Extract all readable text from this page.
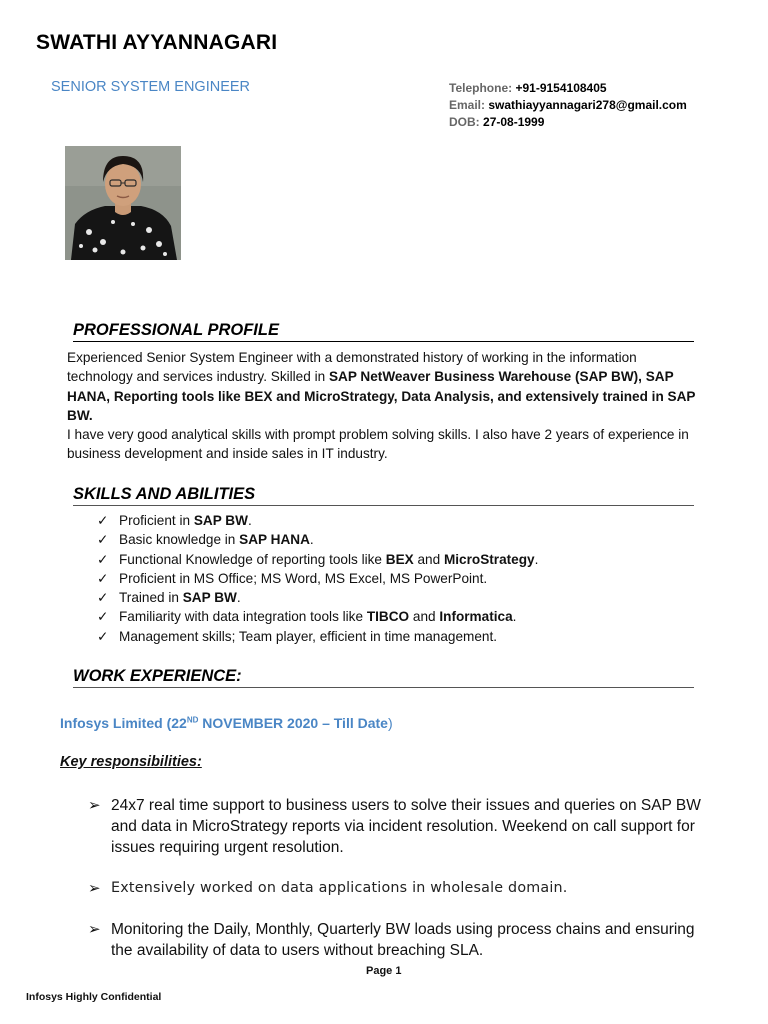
SWATHI AYYANNAGARI
SENIOR SYSTEM ENGINEER	Telephone: +91-9154108405
Email: swathiayyannagari278@gmail.com
DOB: 27-08-1999
PROFESSIONAL PROFILE
Experienced Senior System Engineer with a demonstrated history of working in the information technology and services industry. Skilled in SAP NetWeaver Business Warehouse (SAP BW), SAP HANA, Reporting tools like BEX and MicroStrategy, Data Analysis, and extensively trained in SAP BW.
I have very good analytical skills with prompt problem solving skills. I also have 2 years of experience in business development and inside sales in IT industry.
SKILLS AND ABILITIES
✓ Proficient in SAP BW.
✓ Basic knowledge in SAP HANA.
✓ Functional Knowledge of reporting tools like BEX and MicroStrategy.
✓ Proficient in MS Office; MS Word, MS Excel, MS PowerPoint.
✓ Trained in SAP BW.
✓ Familiarity with data integration tools like TIBCO and Informatica.
✓ Management skills; Team player, efficient in time management.
WORK EXPERIENCE:
Infosys Limited (22ND NOVEMBER 2020 – Till Date)
Key responsibilities:
➢ 24x7 real time support to business users to solve their issues and queries on SAP BW and data in MicroStrategy reports via incident resolution. Weekend on call support for issues requiring urgent resolution.
➢ Extensively worked on data applications in wholesale domain.
➢ Monitoring the Daily, Monthly, Quarterly BW loads using process chains and ensuring the availability of data to users without breaching SLA.
Page 1
Infosys Highly Confidential
